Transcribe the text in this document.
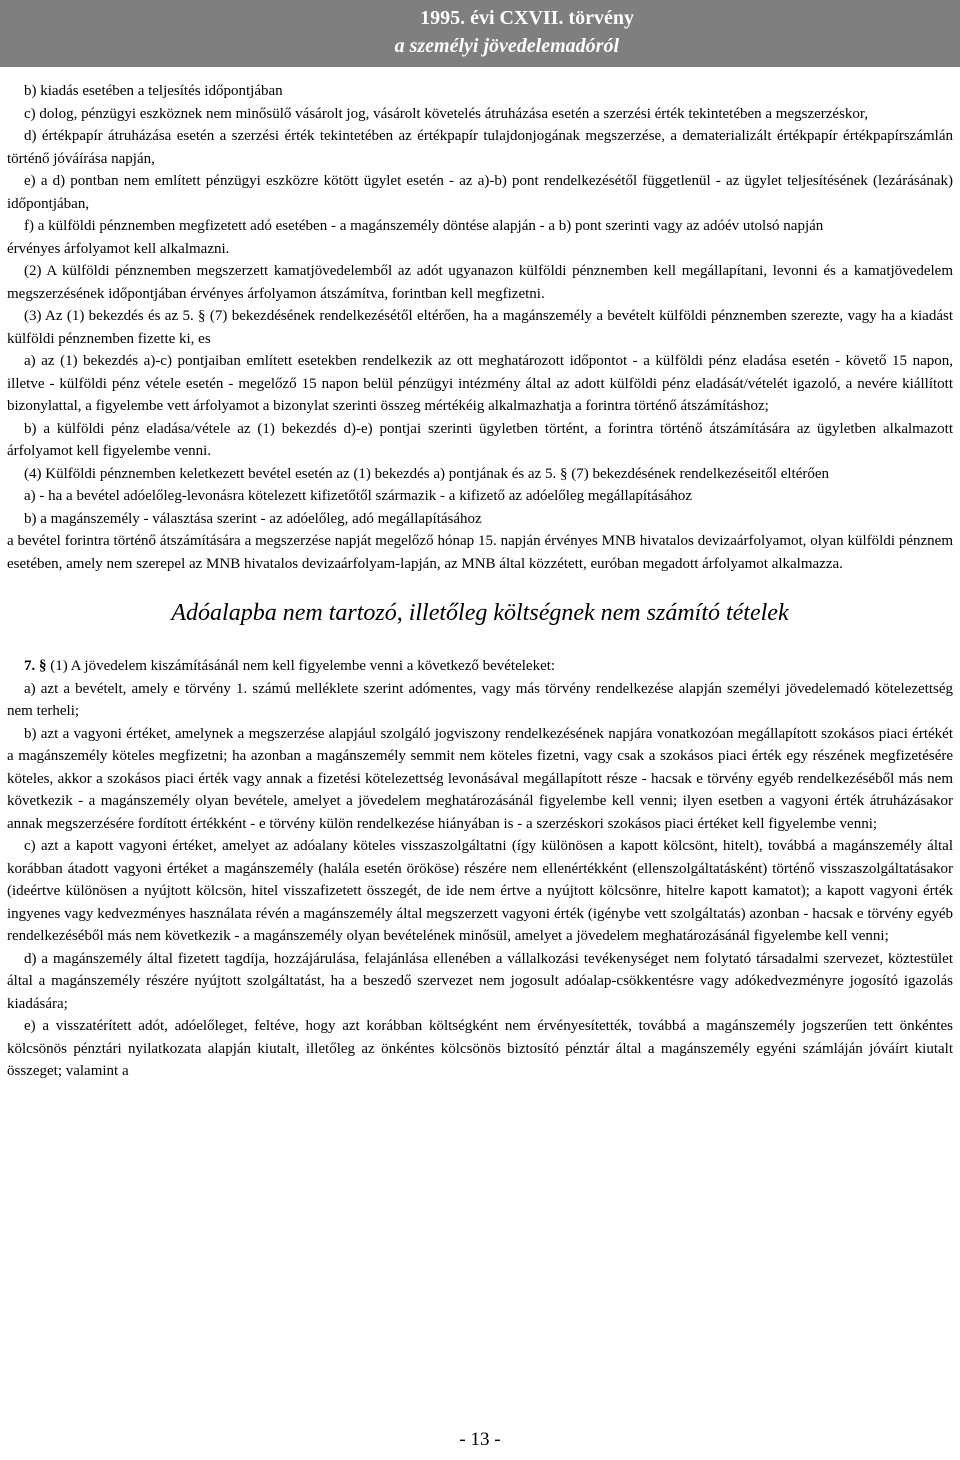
1995. évi CXVII. törvény
a személyi jövedelemadóról

b) kiadás esetében a teljesítés időpontjában

c) dolog, pénzügyi eszköznek nem minősülő vásárolt jog, vásárolt követelés átruházása esetén a szerzési érték tekintetében a megszerzéskor,

d) értékpapír átruházása esetén a szerzési érték tekintetében az értékpapír tulajdonjogának megszerzése, a dematerializált értékpapír értékpapírszámlán történő jóváírása napján,

e) a d) pontban nem említett pénzügyi eszközre kötött ügylet esetén - az a)-b) pont rendelkezésétől függetlenül - az ügylet teljesítésének (lezárásának) időpontjában,

f) a külföldi pénznemben megfizetett adó esetében - a magánszemély döntése alapján - a b) pont szerinti vagy az adóév utolsó napján

érvényes árfolyamot kell alkalmazni.

(2) A külföldi pénznemben megszerzett kamatjövedelemből az adót ugyanazon külföldi pénznemben kell megállapítani, levonni és a kamatjövedelem megszerzésének időpontjában érvényes árfolyamon átszámítva, forintban kell megfizetni.

(3) Az (1) bekezdés és az 5. § (7) bekezdésének rendelkezésétől eltérően, ha a magánszemély a bevételt külföldi pénznemben szerezte, vagy ha a kiadást külföldi pénznemben fizette ki, es

a) az (1) bekezdés a)-c) pontjaiban említett esetekben rendelkezik az ott meghatározott időpontot - a külföldi pénz eladása esetén - követő 15 napon, illetve - külföldi pénz vétele esetén - megelőző 15 napon belül pénzügyi intézmény által az adott külföldi pénz eladását/vételét igazoló, a nevére kiállított bizonylattal, a figyelembe vett árfolyamot a bizonylat szerinti összeg mértékéig alkalmazhatja a forintra történő átszámításhoz;

b) a külföldi pénz eladása/vétele az (1) bekezdés d)-e) pontjai szerinti ügyletben történt, a forintra történő átszámítására az ügyletben alkalmazott árfolyamot kell figyelembe venni.

(4) Külföldi pénznemben keletkezett bevétel esetén az (1) bekezdés a) pontjának és az 5. § (7) bekezdésének rendelkezéseitől eltérően

a) - ha a bevétel adóelőleg-levonásra kötelezett kifizetőtől származik - a kifizető az adóelőleg megállapításához

b) a magánszemély - választása szerint - az adóelőleg, adó megállapításához

a bevétel forintra történő átszámítására a megszerzése napját megelőző hónap 15. napján érvényes MNB hivatalos devizaárfolyamot, olyan külföldi pénznem esetében, amely nem szerepel az MNB hivatalos devizaárfolyam-lapján, az MNB által közzétett, euróban megadott árfolyamot alkalmazza.

Adóalapba nem tartozó, illetőleg költségnek nem számító tételek

7. § (1) A jövedelem kiszámításánál nem kell figyelembe venni a következő bevételeket:

a) azt a bevételt, amely e törvény 1. számú melléklete szerint adómentes, vagy más törvény rendelkezése alapján személyi jövedelemadó kötelezettség nem terheli;

b) azt a vagyoni értéket, amelynek a megszerzése alapjául szolgáló jogviszony rendelkezésének napjára vonatkozóan megállapított szokásos piaci értékét a magánszemély köteles megfizetni; ha azonban a magánszemély semmit nem köteles fizetni, vagy csak a szokásos piaci érték egy részének megfizetésére köteles, akkor a szokásos piaci érték vagy annak a fizetési kötelezettség levonásával megállapított része - hacsak e törvény egyéb rendelkezéséből más nem következik - a magánszemély olyan bevétele, amelyet a jövedelem meghatározásánál figyelembe kell venni; ilyen esetben a vagyoni érték átruházásakor annak megszerzésére fordított értékként - e törvény külön rendelkezése hiányában is - a szerzéskori szokásos piaci értéket kell figyelembe venni;

c) azt a kapott vagyoni értéket, amelyet az adóalany köteles visszaszolgáltatni (így különösen a kapott kölcsönt, hitelt), továbbá a magánszemély által korábban átadott vagyoni értéket a magánszemély (halála esetén örököse) részére nem ellenértékként (ellenszolgáltatásként) történő visszaszolgáltatásakor (ideértve különösen a nyújtott kölcsön, hitel visszafizetett összegét, de ide nem értve a nyújtott kölcsönre, hitelre kapott kamatot); a kapott vagyoni érték ingyenes vagy kedvezményes használata révén a magánszemély által megszerzett vagyoni érték (igénybe vett szolgáltatás) azonban - hacsak e törvény egyéb rendelkezéséből más nem következik - a magánszemély olyan bevételének minősül, amelyet a jövedelem meghatározásánál figyelembe kell venni;

d) a magánszemély által fizetett tagdíja, hozzájárulása, felajánlása ellenében a vállalkozási tevékenységet nem folytató társadalmi szervezet, köztestület által a magánszemély részére nyújtott szolgáltatást, ha a beszedő szervezet nem jogosult adóalap-csökkentésre vagy adókedvezményre jogosító igazolás kiadására;

e) a visszatérített adót, adóelőleget, feltéve, hogy azt korábban költségként nem érvényesítették, továbbá a magánszemély jogszerűen tett önkéntes kölcsönös pénztári nyilatkozata alapján kiutalt, illetőleg az önkéntes kölcsönös biztosító pénztár által a magánszemély egyéni számláján jóváírt kiutalt összeget; valamint a

- 13 -
